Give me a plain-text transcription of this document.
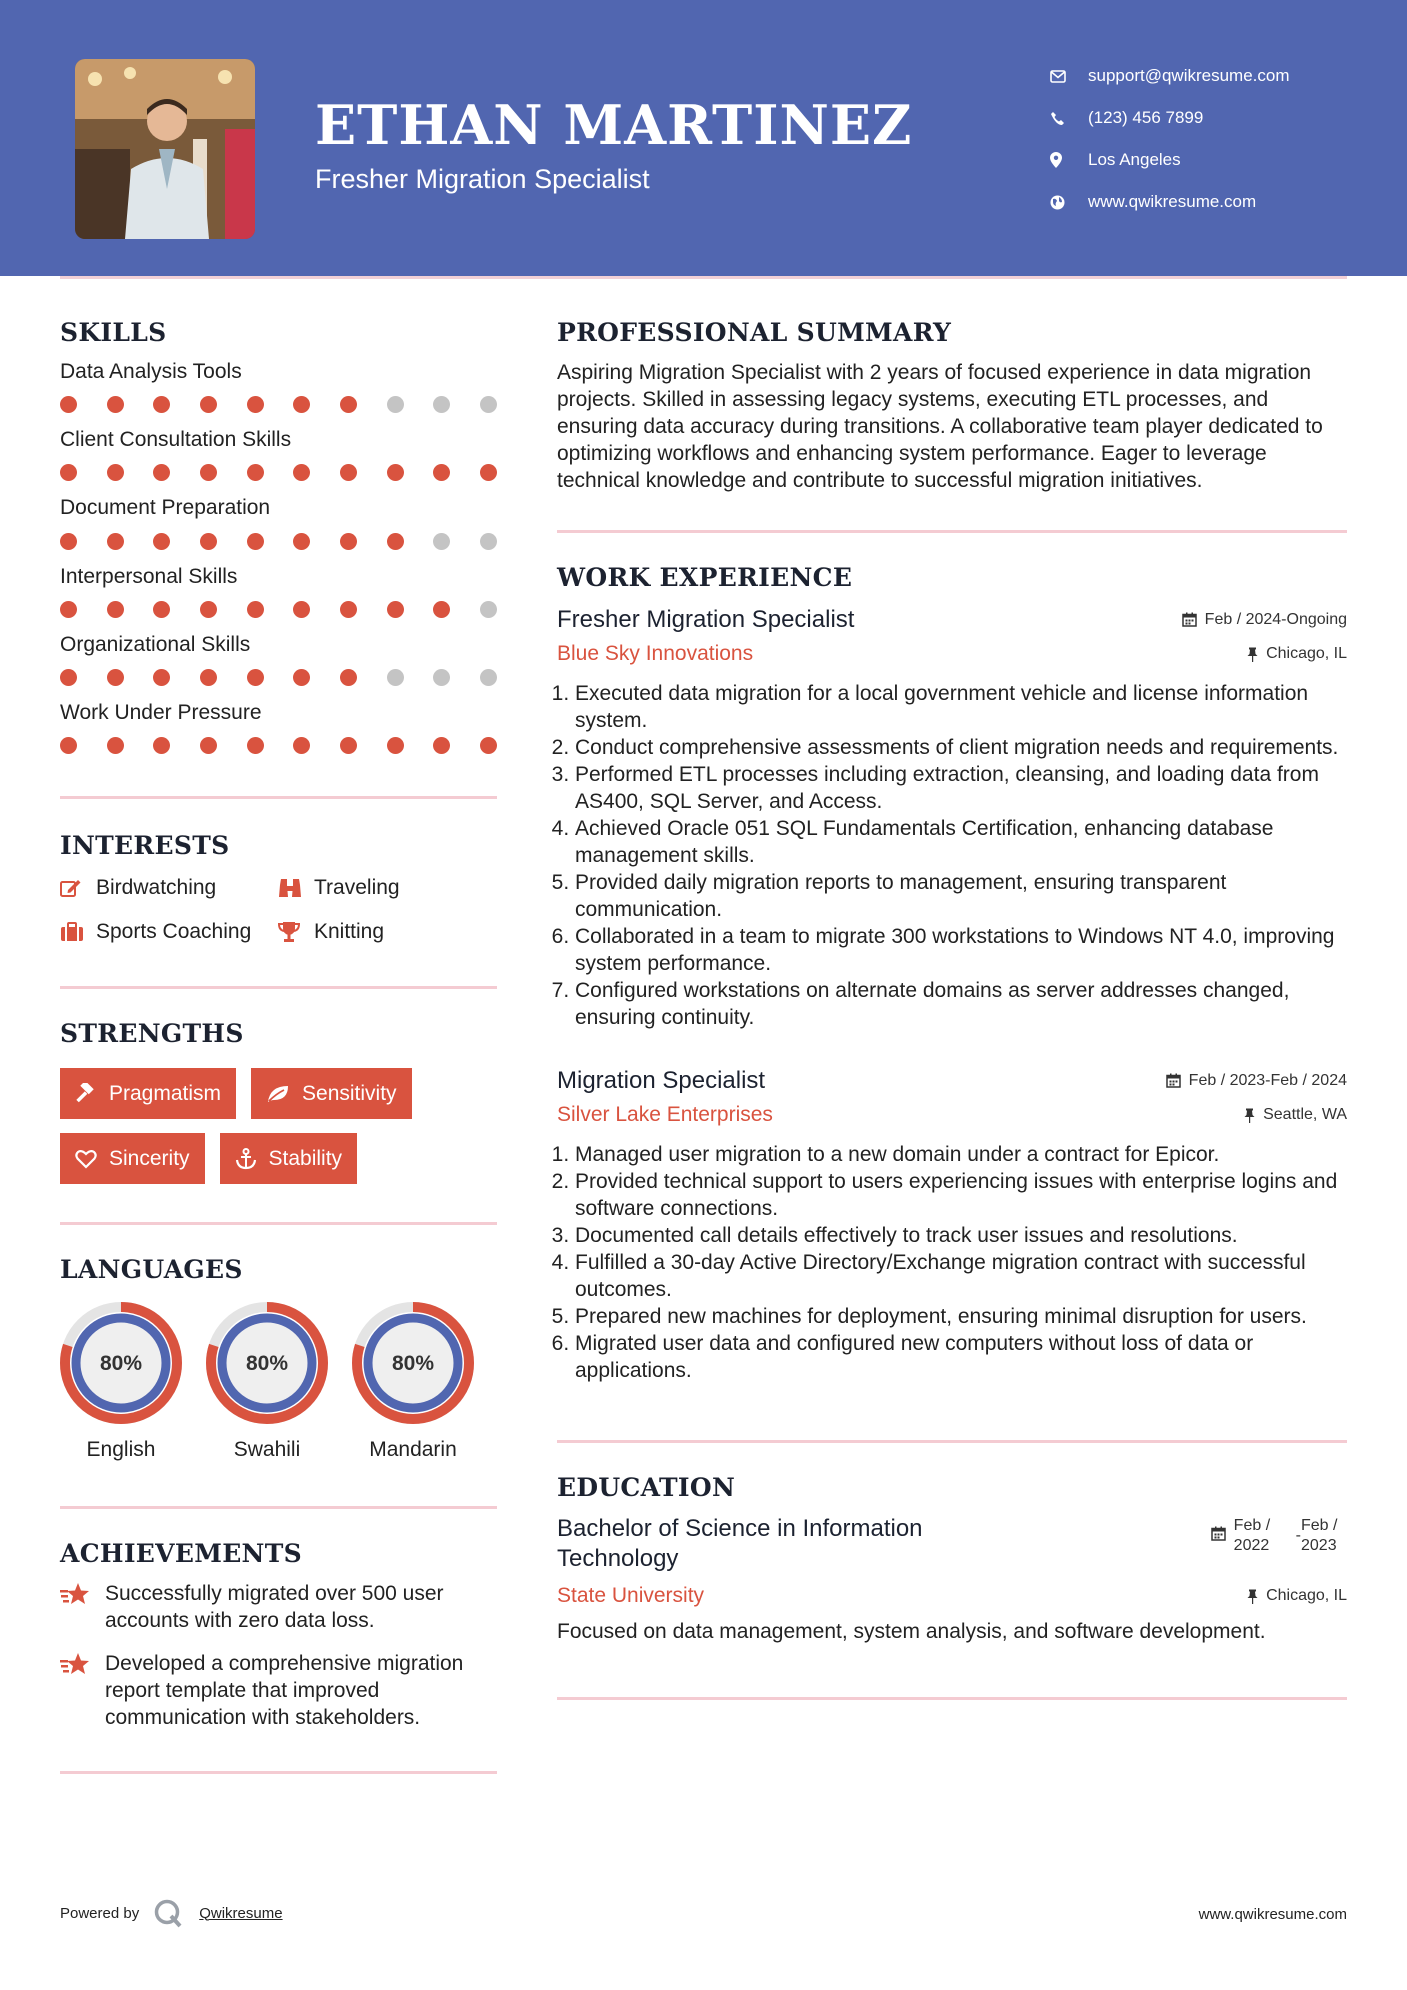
ETHAN MARTINEZ
Fresher Migration Specialist
support@qwikresume.com
(123) 456 7899
Los Angeles
www.qwikresume.com
SKILLS
Data Analysis Tools
Client Consultation Skills
Document Preparation
Interpersonal Skills
Organizational Skills
Work Under Pressure
INTERESTS
Birdwatching	Traveling
Sports Coaching	Knitting
STRENGTHS
Pragmatism	Sensitivity
Sincerity	Stability
LANGUAGES
80%
English
80%
Swahili
80%
Mandarin
ACHIEVEMENTS
Successfully migrated over 500 user accounts with zero data loss.
Developed a comprehensive migration report template that improved communication with stakeholders.
PROFESSIONAL SUMMARY

Aspiring Migration Specialist with 2 years of focused experience in data migration projects. Skilled in assessing legacy systems, executing ETL processes, and ensuring data accuracy during transitions. A collaborative team player dedicated to optimizing workflows and enhancing system performance. Eager to leverage technical knowledge and contribute to successful migration initiatives.

WORK EXPERIENCE
Fresher Migration Specialist	Feb / 2024-Ongoing
Blue Sky Innovations	Chicago, IL
1. Executed data migration for a local government vehicle and license information system.
2. Conduct comprehensive assessments of client migration needs and requirements.
3. Performed ETL processes including extraction, cleansing, and loading data from AS400, SQL Server, and Access.
4. Achieved Oracle 051 SQL Fundamentals Certification, enhancing database management skills.
5. Provided daily migration reports to management, ensuring transparent communication.
6. Collaborated in a team to migrate 300 workstations to Windows NT 4.0, improving system performance.
7. Configured workstations on alternate domains as server addresses changed, ensuring continuity.
Migration Specialist	Feb / 2023-Feb / 2024
Silver Lake Enterprises	Seattle, WA
1. Managed user migration to a new domain under a contract for Epicor.
2. Provided technical support to users experiencing issues with enterprise logins and software connections.
3. Documented call details effectively to track user issues and resolutions.
4. Fulfilled a 30-day Active Directory/Exchange migration contract with successful outcomes.
5. Prepared new machines for deployment, ensuring minimal disruption for users.
6. Migrated user data and configured new computers without loss of data or applications.
EDUCATION
Bachelor of Science in Information Technology
Feb /
2022
-
Feb /
2023
State University	Chicago, IL

Focused on data management, system analysis, and software development.

Powered by	Qwikresume	www.qwikresume.com
